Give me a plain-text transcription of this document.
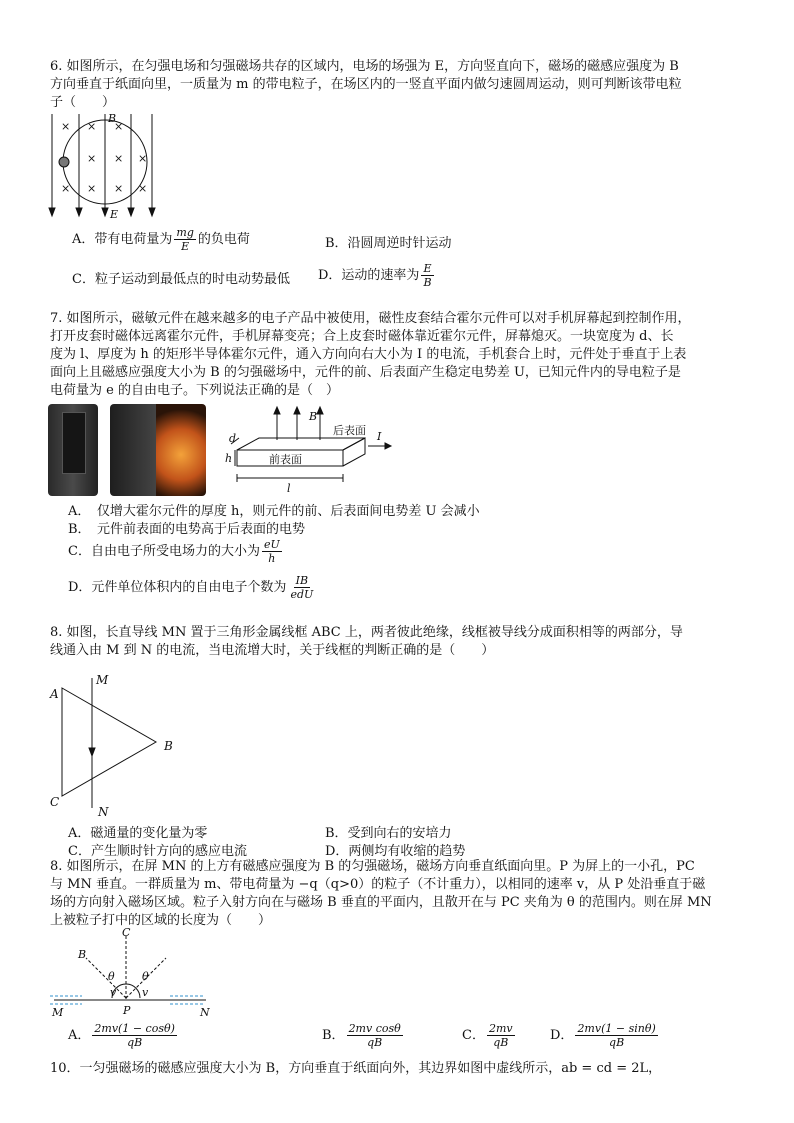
6. 如图所示，在匀强电场和匀强磁场共存的区域内，电场的场强为 E，方向竖直向下，磁场的磁感应强度为 B
方向垂直于纸面向里，一质量为 m 的带电粒子，在场区内的一竖直平面内做匀速圆周运动，则可判断该带电粒
子（　　）
× × ×
× × ×
× × × ×
B
E
A．带有电荷量为 $\frac{mg}{E}$ 的负电荷	B．沿圆周逆时针运动
C．粒子运动到最低点的时电动势最低 D．运动的速率为 $\frac{E}{B}$
7. 如图所示，磁敏元件在越来越多的电子产品中被使用，磁性皮套结合霍尔元件可以对手机屏幕起到控制作用，
打开皮套时磁体远离霍尔元件，手机屏幕变亮；合上皮套时磁体靠近霍尔元件，屏幕熄灭。一块宽度为 d、长
度为 l、厚度为 h 的矩形半导体霍尔元件，通入方向向右大小为 I 的电流，手机套合上时，元件处于垂直于上表
面向上且磁感应强度大小为 B 的匀强磁场中，元件的前、后表面产生稳定电势差 U，已知元件内的导电粒子是
电荷量为 e 的自由电子。下列说法正确的是（　）
B
后表面
前表面
d
h
l
I
A．　仅增大霍尔元件的厚度 h，则元件的前、后表面间电势差 U 会减小
B．　元件前表面的电势高于后表面的电势
C．自由电子所受电场力的大小为 $\frac{eU}{h}$
D．元件单位体积内的自由电子个数为 $\frac{IB}{\text{edU}}$
8. 如图，长直导线 MN 置于三角形金属线框 ABC 上，两者彼此绝缘，线框被导线分成面积相等的两部分，导
线通入由 M 到 N 的电流，当电流增大时，关于线框的判断正确的是（　　）
M
A
B
C
N
A．磁通量的变化量为零	B．受到向右的安培力
C．产生顺时针方向的感应电流	D．两侧均有收缩的趋势
8. 如图所示，在屏 MN 的上方有磁感应强度为 B 的匀强磁场，磁场方向垂直纸面向里。P 为屏上的一小孔，PC
与 MN 垂直。一群质量为 m、带电荷量为 −q（q>0）的粒子（不计重力），以相同的速率 v，从 P 处沿垂直于磁
场的方向射入磁场区域。粒子入射方向在与磁场 B 垂直的平面内，且散开在与 PC 夹角为 θ 的范围内。则在屏 MN
上被粒子打中的区域的长度为（　　）
C
B
θ θ
v v
M	P	N
A． $\frac{2mv(1 - \cos\theta)}{qB}$	B． $\frac{\text{2mv cosθ}}{qB}$	C． $\frac{2mv}{qB}$	D． $\frac{2mv(1 - \sin\theta)}{qB}$
10．一匀强磁场的磁感应强度大小为 B，方向垂直于纸面向外，其边界如图中虚线所示，ab = cd = 2L，
